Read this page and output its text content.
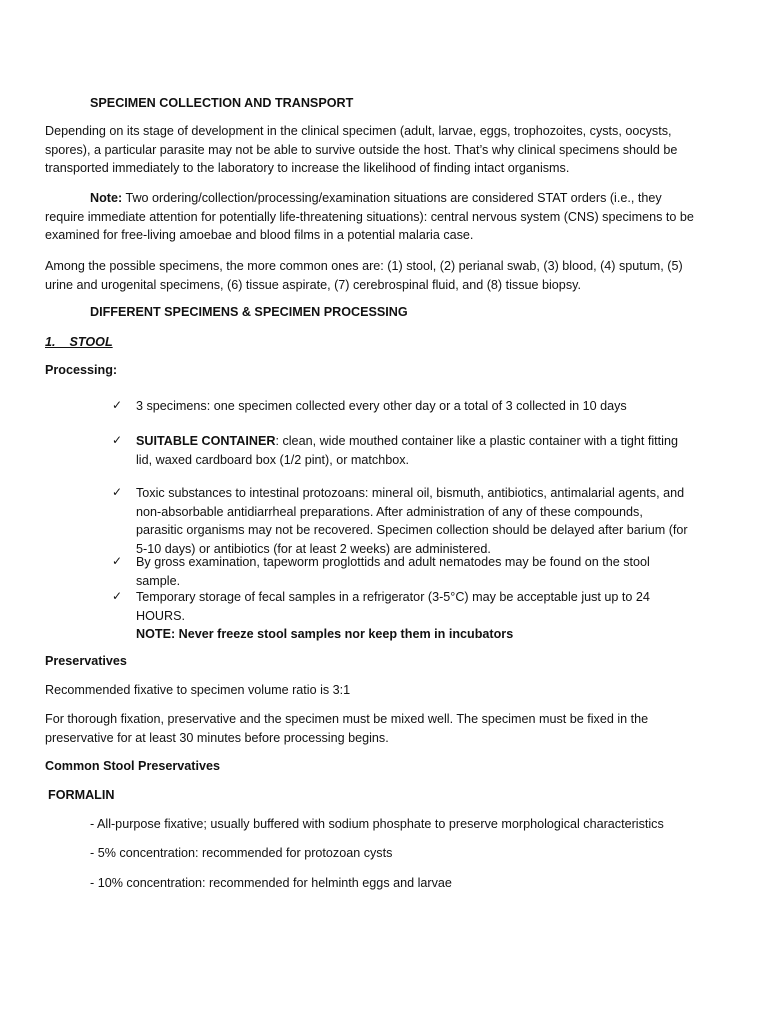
SPECIMEN COLLECTION AND TRANSPORT

Depending on its stage of development in the clinical specimen (adult, larvae, eggs, trophozoites, cysts, oocysts, spores), a particular parasite may not be able to survive outside the host. That’s why clinical specimens should be transported immediately to the laboratory to increase the likelihood of finding intact organisms.

Note: Two ordering/collection/processing/examination situations are considered STAT orders (i.e., they require immediate attention for potentially life-threatening situations): central nervous system (CNS) specimens to be examined for free-living amoebae and blood films in a potential malaria case.

Among the possible specimens, the more common ones are: (1) stool, (2) perianal swab, (3) blood, (4) sputum, (5) urine and urogenital specimens, (6) tissue aspirate, (7) cerebrospinal fluid, and (8) tissue biopsy.

DIFFERENT SPECIMENS & SPECIMEN PROCESSING

1.    STOOL

Processing:

✓	3 specimens: one specimen collected every other day or a total of 3 collected in 10 days

✓	SUITABLE CONTAINER: clean, wide mouthed container like a plastic container with a tight fitting lid, waxed cardboard box (1/2 pint), or matchbox.

✓	Toxic substances to intestinal protozoans: mineral oil, bismuth, antibiotics, antimalarial agents, and non-absorbable antidiarrheal preparations. After administration of any of these compounds, parasitic organisms may not be recovered. Specimen collection should be delayed after barium (for 5-10 days) or antibiotics (for at least 2 weeks) are administered.

✓	By gross examination, tapeworm proglottids and adult nematodes may be found on the stool sample.

✓	Temporary storage of fecal samples in a refrigerator (3-5°C) may be acceptable just up to 24 HOURS.
NOTE: Never freeze stool samples nor keep them in incubators

Preservatives

Recommended fixative to specimen volume ratio is 3:1

For thorough fixation, preservative and the specimen must be mixed well. The specimen must be fixed in the preservative for at least 30 minutes before processing begins.

Common Stool Preservatives

FORMALIN

- All-purpose fixative; usually buffered with sodium phosphate to preserve morphological characteristics

- 5% concentration: recommended for protozoan cysts

- 10% concentration: recommended for helminth eggs and larvae
